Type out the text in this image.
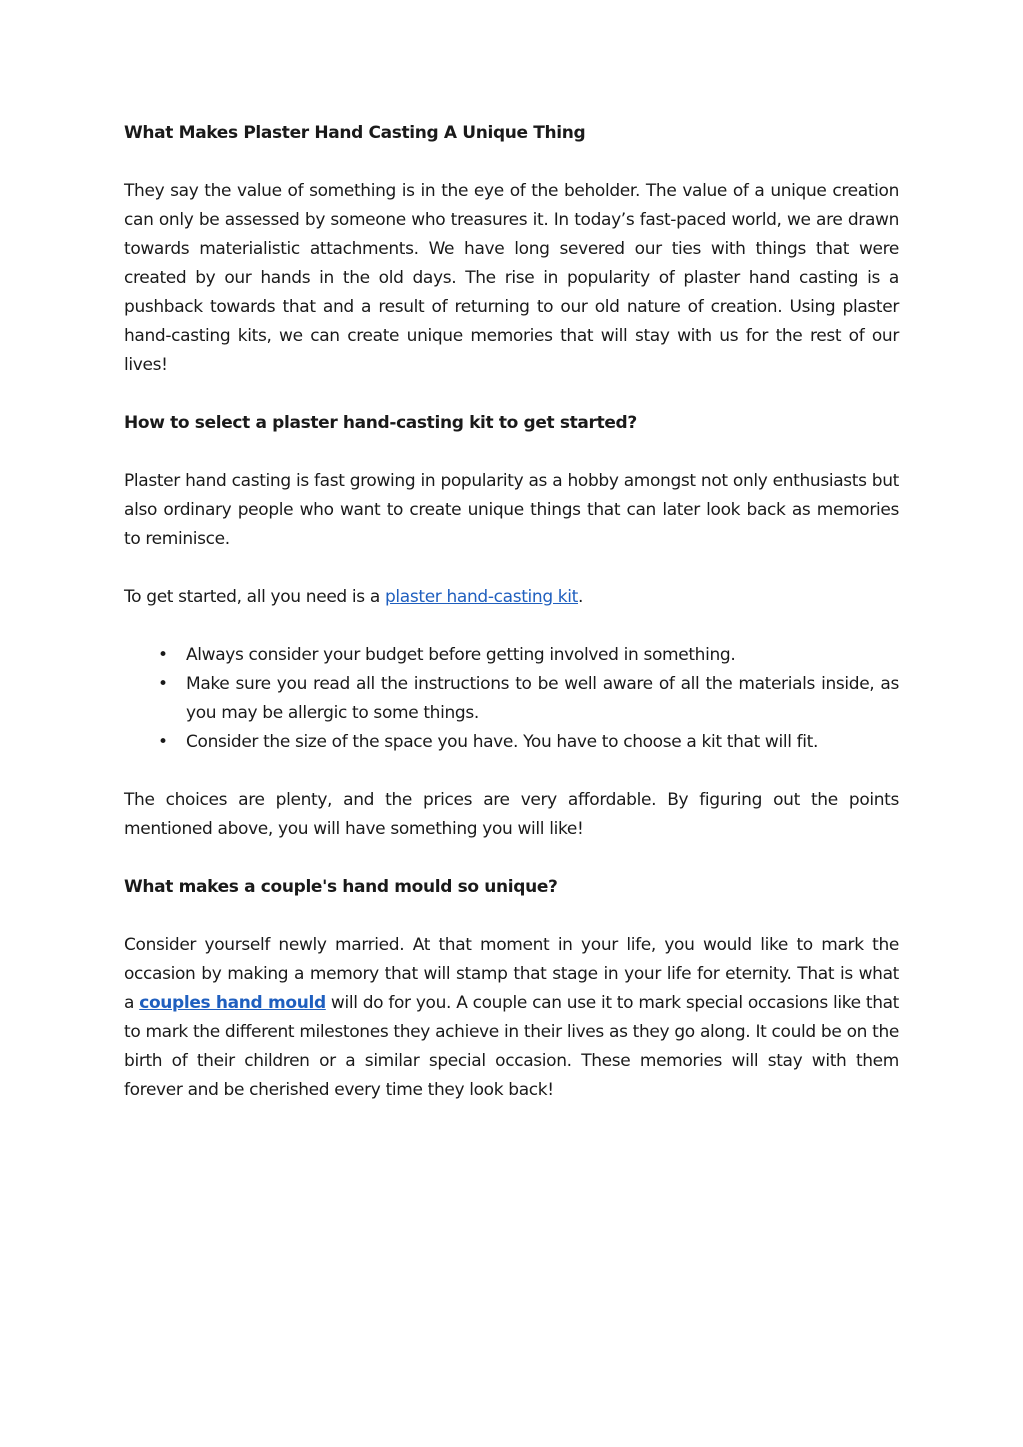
What Makes Plaster Hand Casting A Unique Thing

They say the value of something is in the eye of the beholder. The value of a unique creation can only be assessed by someone who treasures it. In today’s fast-paced world, we are drawn towards materialistic attachments. We have long severed our ties with things that were created by our hands in the old days. The rise in popularity of plaster hand casting is a pushback towards that and a result of returning to our old nature of creation. Using plaster hand-casting kits, we can create unique memories that will stay with us for the rest of our lives!

How to select a plaster hand-casting kit to get started?

Plaster hand casting is fast growing in popularity as a hobby amongst not only enthusiasts but also ordinary people who want to create unique things that can later look back as memories to reminisce.

To get started, all you need is a plaster hand-casting kit.

• Always consider your budget before getting involved in something.
• Make sure you read all the instructions to be well aware of all the materials inside, as you may be allergic to some things.
• Consider the size of the space you have. You have to choose a kit that will fit.

The choices are plenty, and the prices are very affordable. By figuring out the points mentioned above, you will have something you will like!

What makes a couple's hand mould so unique?

Consider yourself newly married. At that moment in your life, you would like to mark the occasion by making a memory that will stamp that stage in your life for eternity. That is what a couples hand mould will do for you. A couple can use it to mark special occasions like that to mark the different milestones they achieve in their lives as they go along. It could be on the birth of their children or a similar special occasion. These memories will stay with them forever and be cherished every time they look back!
